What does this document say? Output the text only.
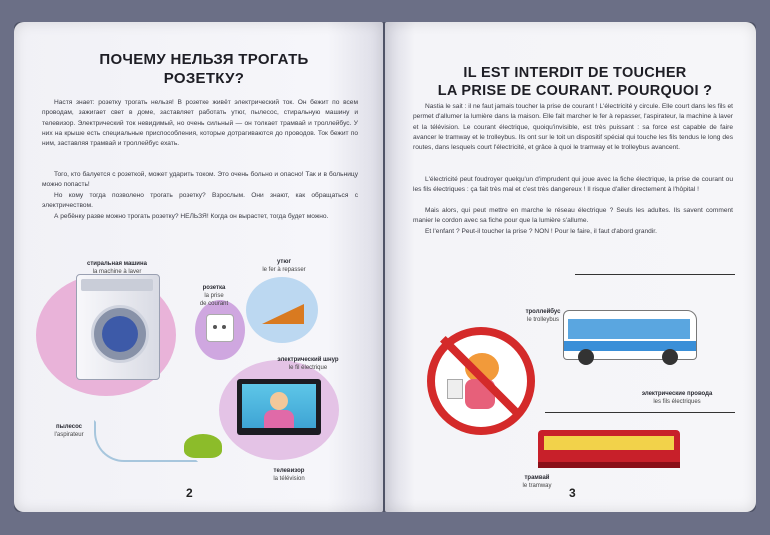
ПОЧЕМУ НЕЛЬЗЯ ТРОГАТЬ
РОЗЕТКУ?

Настя знает: розетку трогать нельзя! В розетке живёт электрический ток. Он бежит по всем проводам, зажигает свет в доме, заставляет работать утюг, пылесос, стиральную машину и телевизор. Электрический ток невидимый, но очень сильный — он толкает трамвай и троллейбус. У них на крыше есть специальные приспособления, которые дотрагиваются до проводов. Ток бежит по ним, заставляя трамвай и троллейбус ехать.

Того, кто балуется с розеткой, может ударить током. Это очень больно и опасно! Так и в больницу можно попасть!

Но кому тогда позволено трогать розетку? Взрослым. Они знают, как обращаться с электричеством.

А ребёнку разве можно трогать розетку? НЕЛЬЗЯ! Когда он вырастет, тогда будет можно.

стиральная машина
la machine à laver
розетка
la prise
de courant
утюг
le fer à repasser
электрический шнур
le fil électrique
пылесос
l'aspirateur
телевизор
la télévision
2
IL EST INTERDIT DE TOUCHER
LA PRISE DE COURANT. POURQUOI ?

Nastia le sait : il ne faut jamais toucher la prise de courant ! L'électricité y circule. Elle court dans les fils et permet d'allumer la lumière dans la maison. Elle fait marcher le fer à repasser, l'aspirateur, la machine à laver et la télévision. Le courant électrique, quoiqu'invisible, est très puissant : sa force est capable de faire avancer le tramway et le trolleybus. Ils ont sur le toit un dispositif spécial qui touche les fils tendus le long des routes, dans lesquels court l'électricité, et grâce à quoi le tramway et le trolleybus avancent.

L'électricité peut foudroyer quelqu'un d'imprudent qui joue avec la fiche électrique, la prise de courant ou les fils électriques : ça fait très mal et c'est très dangereux ! Il risque d'aller directement à l'hôpital !

Mais alors, qui peut mettre en marche le réseau électrique ? Seuls les adultes. Ils savent comment manier le cordon avec sa fiche pour que la lumière s'allume.

Et l'enfant ? Peut-il toucher la prise ? NON ! Pour le faire, il faut d'abord grandir.

троллейбус
le trolleybus
электрические провода
les fils électriques
трамвай
le tramway	3
